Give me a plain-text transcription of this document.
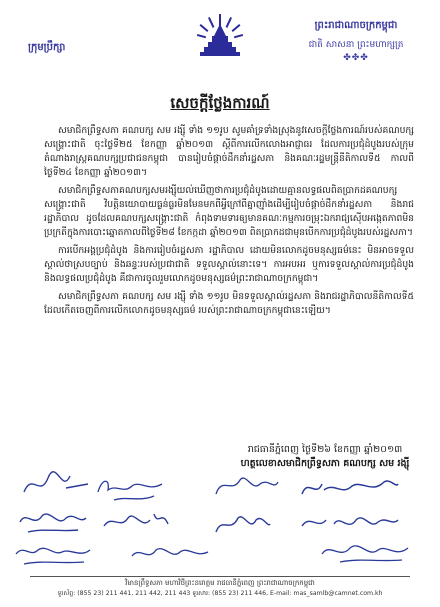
ក្រុមប្រឹក្សា
ព្រះរាជាណាចក្រកម្ពុជា
ជាតិ សាសនា ព្រះមហាក្សត្រ
✤✤✤
សេចក្ដីថ្លែងការណ៍

សមាជិកព្រឹទ្ធសភា គណបក្ស សម រង្ស៊ី ទាំង ១១រូប សូមគាំទ្រទាំងស្រុងនូវសេចក្ដីថ្លែងការណ៍របស់គណបក្សសង្គ្រោះជាតិ ចុះថ្ងៃទី២៥ ខែកញ្ញា ឆ្នាំ២០១៣ ស្ដីពីការលើកលោងអាជ្ញាធរ ដែលការប្រជុំដំបូងរបស់ក្រុមតំណាងរាស្ត្រគណបក្សប្រជាជនកម្ពុជា បានរៀបចំផ្តាច់ដឹកនាំរដ្ឋសភា និងគណៈរដ្ឋមន្ត្រីនីតិកាលទី៥ កាលពីថ្ងៃទី២៤ ខែកញ្ញា ឆ្នាំ២០១៣។

សមាជិកព្រឹទ្ធសភាគណបក្សសមរង្ស៊ីយល់ឃើញថាការប្រជុំដំបូងដោយគ្មានលទ្ធផលពិតប្រាកដគណបក្សសង្គ្រោះជាតិ វិបត្តិនយោបាយធ្ងន់ធ្ងរមិនមែនមកពីអ្វីក្រៅពីគ្នាញ៉ាំងដើម្បីរៀបចំផ្តាច់ដឹកនាំរដ្ឋសភា និងរាជរដ្ឋាភិបាល ដូចដែលគណបក្សសង្គ្រោះជាតិ កំពុងទាមទារឲ្យមានគណៈកម្មការចម្រុះឯករាជ្យស៊ើបអង្កេតភាពមិនប្រក្រតីក្នុងការបោះឆ្នោតកាលពីថ្ងៃទី២៨ ខែកក្កដា ឆ្នាំ២០១៣ ពិតប្រាកដជាមុនបើកការប្រជុំដំបូងរបស់រដ្ឋសភា។

ការបើកអង្គប្រជុំដំបូង និងការរៀបចំរដ្ឋសភា រដ្ឋាភិបាល ដោយមិនលោកដូចមនុស្សធម៌នេះ មិនអាចទទួលស្គាល់ថាស្របច្បាប់ និងឆន្ទៈរបស់ប្រជាជាតិ ទទួលស្គាល់នោះទេ។ ការអបអរ ឬការទទួលស្គាល់ការប្រជុំដំបូង និងលទ្ធផលប្រជុំដំបូង គឺជាការចូលរួមលោកដូចមនុស្សធម៌ព្រះរាជាណាចក្រកម្ពុជា។

សមាជិកព្រឹទ្ធសភា គណបក្ស សម រង្ស៊ី ទាំង ១១រូប មិនទទួលស្គាល់រដ្ឋសភា និងរាជរដ្ឋាភិបាលនីតិកាលទី៥ ដែលកើតចេញពីការលើកលោកដូចមនុស្សធម៌ របស់ព្រះរាជាណាចក្រកម្ពុជានេះឡើយ។

រាជធានីភ្នំពេញ ថ្ងៃទី២៦ ខែកញ្ញា ឆ្នាំ២០១៣
ហត្ថលេខាសមាជិកព្រឹទ្ធសភា គណបក្ស សម រង្ស៊ី
វិមានព្រឹទ្ធសភា មហាវិថីព្រះនរោត្តម រាជធានីភ្នំពេញ ព្រះរាជាណាចក្រកម្ពុជា
ទូរស័ព្ទ: (855 23) 211 441, 211 442, 211 443 ទូរសារ: (855 23) 211 446, E-mail: mas_samlb@camnet.com.kh
